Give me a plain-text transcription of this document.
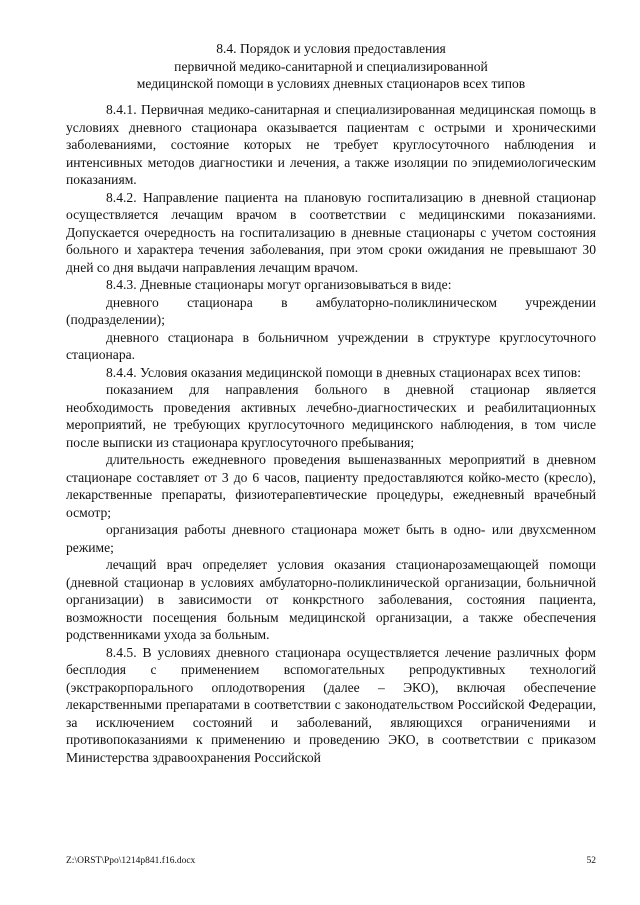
8.4. Порядок и условия предоставления
первичной медико-санитарной и специализированной
медицинской помощи в условиях дневных стационаров всех типов

8.4.1. Первичная медико-санитарная и специализированная медицинская помощь в условиях дневного стационара оказывается пациентам с острыми и хроническими заболеваниями, состояние которых не требует круглосуточного наблюдения и интенсивных методов диагностики и лечения, а также изоляции по эпидемиологическим показаниям.

8.4.2. Направление пациента на плановую госпитализацию в дневной стационар осуществляется лечащим врачом в соответствии с медицинскими показаниями. Допускается очередность на госпитализацию в дневные стационары с учетом состояния больного и характера течения заболевания, при этом сроки ожидания не превышают 30 дней со дня выдачи направления лечащим врачом.

8.4.3. Дневные стационары могут организовываться в виде:

дневного стационара в амбулаторно-поликлиническом учреждении (подразделении);

дневного стационара в больничном учреждении в структуре круглосуточного стационара.

8.4.4. Условия оказания медицинской помощи в дневных стационарах всех типов:

показанием для направления больного в дневной стационар является необходимость проведения активных лечебно-диагностических и реабилитационных мероприятий, не требующих круглосуточного медицинского наблюдения, в том числе после выписки из стационара круглосуточного пребывания;

длительность ежедневного проведения вышеназванных мероприятий в дневном стационаре составляет от 3 до 6 часов, пациенту предоставляются койко-место (кресло), лекарственные препараты, физиотерапевтические процедуры, ежедневный врачебный осмотр;

организация работы дневного стационара может быть в одно- или двухсменном режиме;

лечащий врач определяет условия оказания стационарозамещающей помощи (дневной стационар в условиях амбулаторно-поликлинической организации, больничной организации) в зависимости от конкрстного заболевания, состояния пациента, возможности посещения больным медицинской организации, а также обеспечения родственниками ухода за больным.

8.4.5. В условиях дневного стационара осуществляется лечение различных форм бесплодия с применением вспомогательных репродуктивных технологий (экстракорпорального оплодотворения (далее – ЭКО), включая обеспечение лекарственными препаратами в соответствии с законодательством Российской Федерации, за исключением состояний и заболеваний, являющихся ограничениями и противопоказаниями к применению и проведению ЭКО, в соответствии с приказом Министерства здравоохранения Российской

Z:\ORST\Ppo\1214p841.f16.docx	52
